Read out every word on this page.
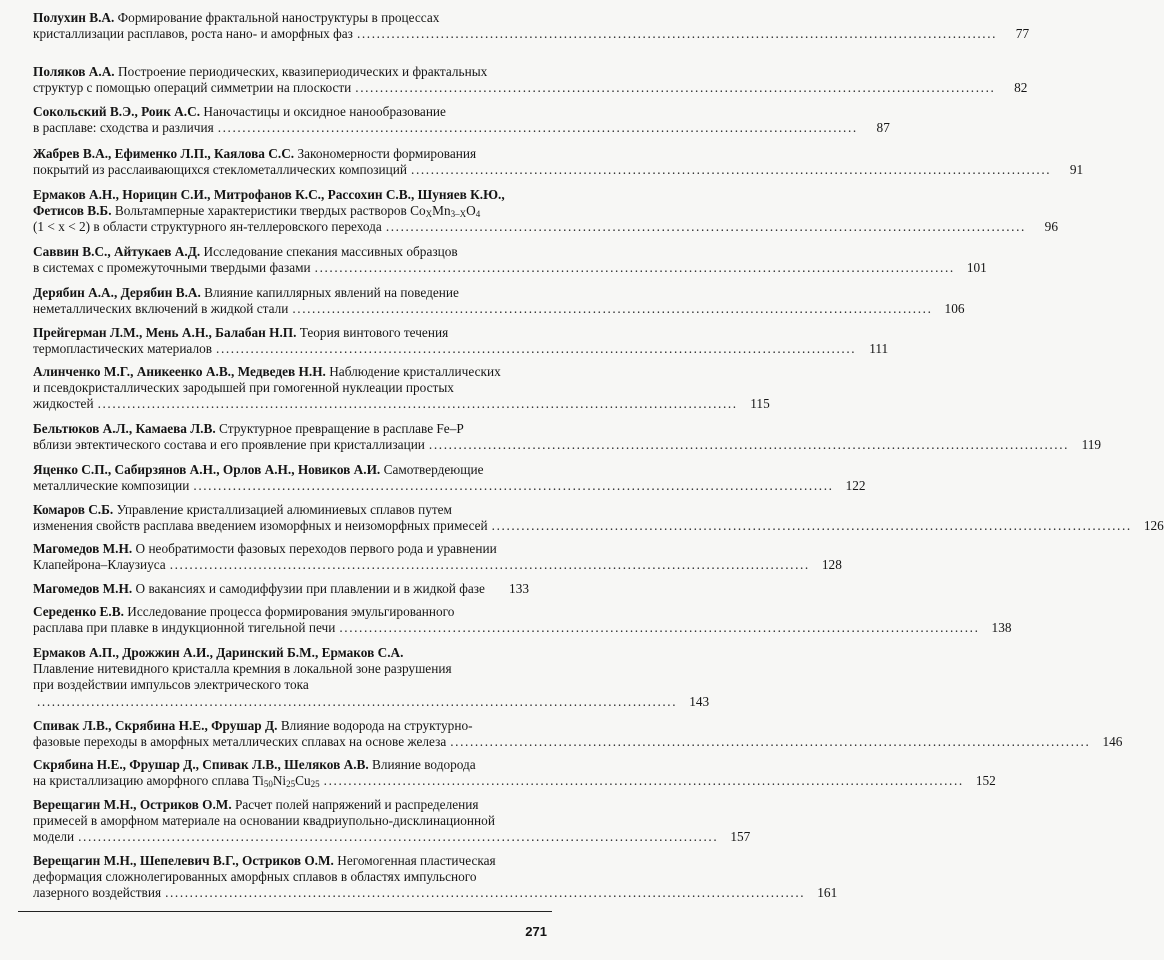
Полухин В.А. Формирование фрактальной наноструктуры в процессах
кристаллизации расплавов, роста нано- и аморфных фаз ..................................................................................................................................	77
Поляков А.А. Построение периодических, квазипериодических и фрактальных
структур с помощью операций симметрии на плоскости ..................................................................................................................................	82
Сокольский В.Э., Роик А.С. Наночастицы и оксидное нанообразование
в расплаве: сходства и различия ..................................................................................................................................	87
Жабрев В.А., Ефименко Л.П., Каялова С.С. Закономерности формирования
покрытий из расслаивающихся стеклометаллических композиций ..................................................................................................................................	91
Ермаков А.Н., Норицин С.И., Митрофанов К.С., Рассохин С.В., Шуняев К.Ю.,
Фетисов В.Б. Вольтамперные характеристики твердых растворов $Co_XMn_{3-X}O_4$
(1 < x < 2) в области структурного ян-теллеровского перехода ..................................................................................................................................	96
Саввин В.С., Айтукаев А.Д. Исследование спекания массивных образцов
в системах с промежуточными твердыми фазами .................................................................................................................................. 101
Дерябин А.А., Дерябин В.А. Влияние капиллярных явлений на поведение
неметаллических включений в жидкой стали .................................................................................................................................. 106
Прейгерман Л.М., Мень А.Н., Балабан Н.П. Теория винтового течения
термопластических материалов .................................................................................................................................. 111
Алинченко М.Г., Аникеенко А.В., Медведев Н.Н. Наблюдение кристаллических
и псевдокристаллических зародышей при гомогенной нуклеации простых
жидкостей .................................................................................................................................. 115
Бельтюков А.Л., Камаева Л.В. Структурное превращение в расплаве Fe–P
вблизи эвтектического состава и его проявление при кристаллизации .................................................................................................................................. 119
Яценко С.П., Сабирзянов А.Н., Орлов А.Н., Новиков А.И. Самотвердеющие
металлические композиции .................................................................................................................................. 122
Комаров С.Б. Управление кристаллизацией алюминиевых сплавов путем
изменения свойств расплава введением изоморфных и неизоморфных примесей .................................................................................................................................. 126
Магомедов М.Н. О необратимости фазовых переходов первого рода и уравнении
Клапейрона–Клаузиуса .................................................................................................................................. 128
Магомедов М.Н. О вакансиях и самодиффузии при плавлении и в жидкой фазе	133
Середенко Е.В. Исследование процесса формирования эмульгированного
расплава при плавке в индукционной тигельной печи .................................................................................................................................. 138
Ермаков А.П., Дрожжин А.И., Даринский Б.М., Ермаков С.А.
Плавление нитевидного кристалла кремния в локальной зоне разрушения
при воздействии импульсов электрического тока
.................................................................................................................................. 143
Спивак Л.В., Скрябина Н.Е., Фрушар Д. Влияние водорода на структурно-
фазовые переходы в аморфных металлических сплавах на основе железа .................................................................................................................................. 146
Скрябина Н.Е., Фрушар Д., Спивак Л.В., Шеляков А.В. Влияние водорода
на кристаллизацию аморфного сплава $Ti_{50}Ni_{25}Cu_{25}$ .................................................................................................................................. 152
Верещагин М.Н., Остриков О.М. Расчет полей напряжений и распределения
примесей в аморфном материале на основании квадриупольно-дисклинационной
модели .................................................................................................................................. 157
Верещагин М.Н., Шепелевич В.Г., Остриков О.М. Негомогенная пластическая
деформация сложнолегированных аморфных сплавов в областях импульсного
лазерного воздействия .................................................................................................................................. 161
271
